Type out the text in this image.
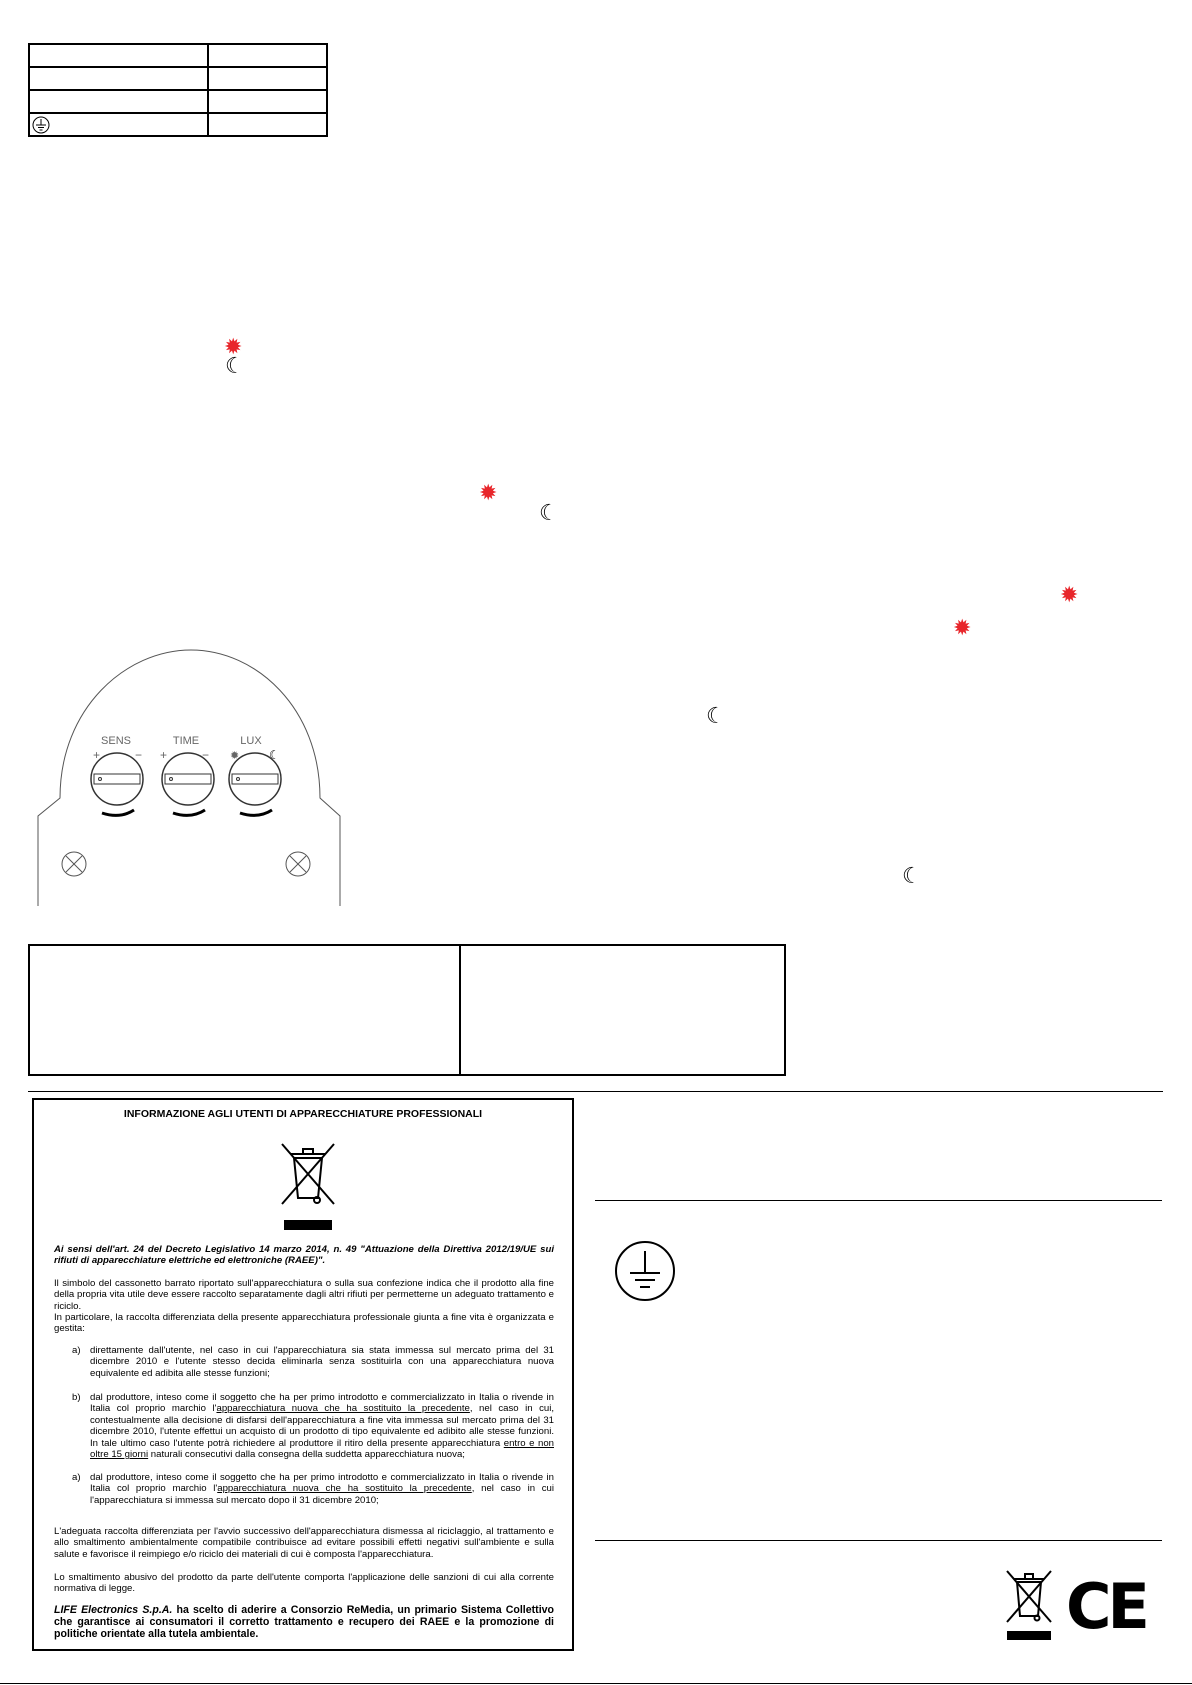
✹
☾
✹
☾
✹
✹
☾
☾
SENS	TIME	LUX
+	− +	− ✹ ☾
INFORMAZIONE AGLI UTENTI DI APPARECCHIATURE PROFESSIONALI

Ai sensi dell'art. 24 del Decreto Legislativo 14 marzo 2014, n. 49 "Attuazione della Direttiva 2012/19/UE sui rifiuti di apparecchiature elettriche ed elettroniche (RAEE)".

Il simbolo del cassonetto barrato riportato sull'apparecchiatura o sulla sua confezione indica che il prodotto alla fine della propria vita utile deve essere raccolto separatamente dagli altri rifiuti per permetterne un adeguato trattamento e riciclo.

In particolare, la raccolta differenziata della presente apparecchiatura professionale giunta a fine vita è organizzata e gestita:

a) direttamente dall'utente, nel caso in cui l'apparecchiatura sia stata immessa sul mercato prima del 31 dicembre 2010 e l'utente stesso decida eliminarla senza sostituirla con una apparecchiatura nuova equivalente ed adibita alle stesse funzioni;

b) dal produttore, inteso come il soggetto che ha per primo introdotto e commercializzato in Italia o rivende in Italia col proprio marchio l'apparecchiatura nuova che ha sostituito la precedente, nel caso in cui, contestualmente alla decisione di disfarsi dell'apparecchiatura a fine vita immessa sul mercato prima del 31 dicembre 2010, l'utente effettui un acquisto di un prodotto di tipo equivalente ed adibito alle stesse funzioni. In tale ultimo caso l'utente potrà richiedere al produttore il ritiro della presente apparecchiatura entro e non oltre 15 giorni naturali consecutivi dalla consegna della suddetta apparecchiatura nuova;

a) dal produttore, inteso come il soggetto che ha per primo introdotto e commercializzato in Italia o rivende in Italia col proprio marchio l'apparecchiatura nuova che ha sostituito la precedente, nel caso in cui l'apparecchiatura si immessa sul mercato dopo il 31 dicembre 2010;

L'adeguata raccolta differenziata per l'avvio successivo dell'apparecchiatura dismessa al riciclaggio, al trattamento e allo smaltimento ambientalmente compatibile contribuisce ad evitare possibili effetti negativi sull'ambiente e sulla salute e favorisce il reimpiego e/o riciclo dei materiali di cui è composta l'apparecchiatura.

Lo smaltimento abusivo del prodotto da parte dell'utente comporta l'applicazione delle sanzioni di cui alla corrente normativa di legge.

LIFE Electronics S.p.A. ha scelto di aderire a Consorzio ReMedia, un primario Sistema Collettivo che garantisce ai consumatori il corretto trattamento e recupero dei RAEE e la promozione di politiche orientate alla tutela ambientale.	CE
